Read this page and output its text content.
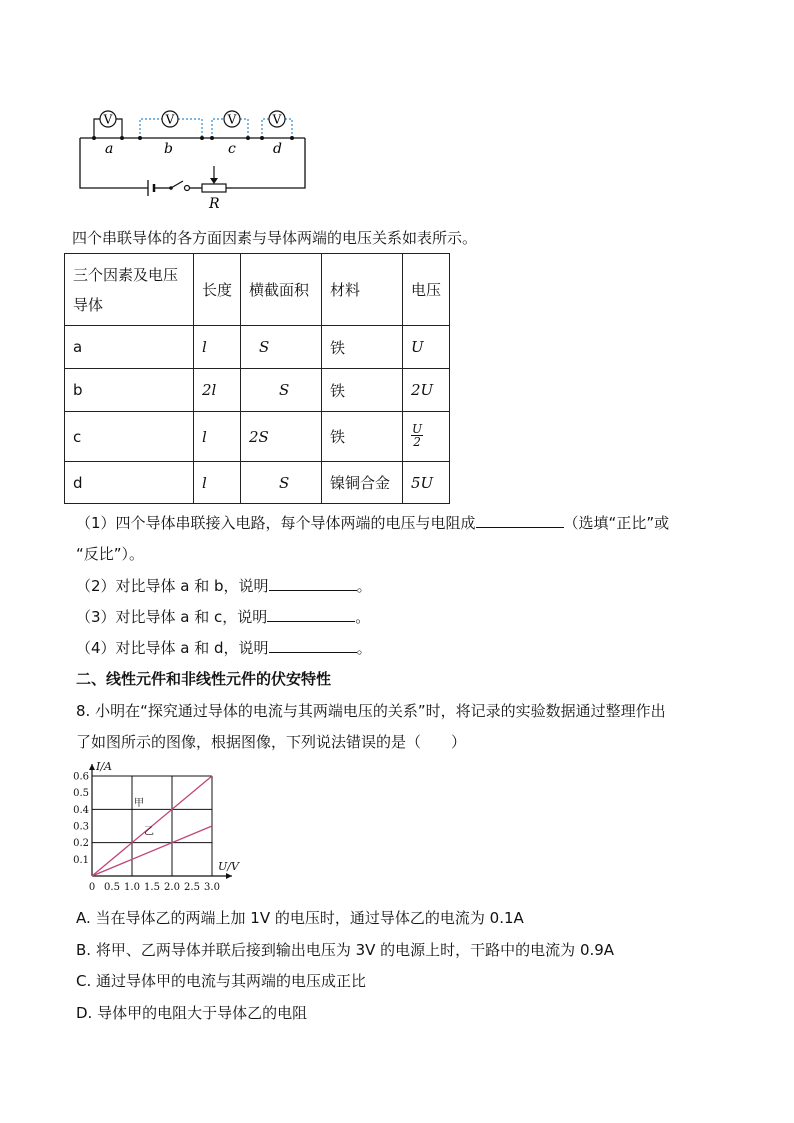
V	V	V	V
a	b	c	d
R
四个串联导体的各方面因素与导体两端的电压关系如表所示。
三个因素及电压
导体	长度	横截面积	材料	电压
a	l	S	铁	U
b	2l	S	铁	2U
c	l	2S	铁	$\frac{U}{2}$

d	l	S	镍铜合金	5U
（1）四个导体串联接入电路，每个导体两端的电压与电阻成	（选填“正比”或
“反比”）。
（2）对比导体 a 和 b，说明	。
（3）对比导体 a 和 c，说明	。
（4）对比导体 a 和 d，说明	。
二、线性元件和非线性元件的伏安特性
8. 小明在“探究通过导体的电流与其两端电压的关系”时，将记录的实验数据通过整理作出
了如图所示的图像，根据图像，下列说法错误的是（　　）
甲
乙
0.1
0.2
0.3
0.4
0.5
0.6
0 0.5 1.0 1.5 2.0 2.5 3.0
I/A
U/V
A. 当在导体乙的两端上加 1V 的电压时，通过导体乙的电流为 0.1A
B. 将甲、乙两导体并联后接到输出电压为 3V 的电源上时，干路中的电流为 0.9A
C. 通过导体甲的电流与其两端的电压成正比
D. 导体甲的电阻大于导体乙的电阻
